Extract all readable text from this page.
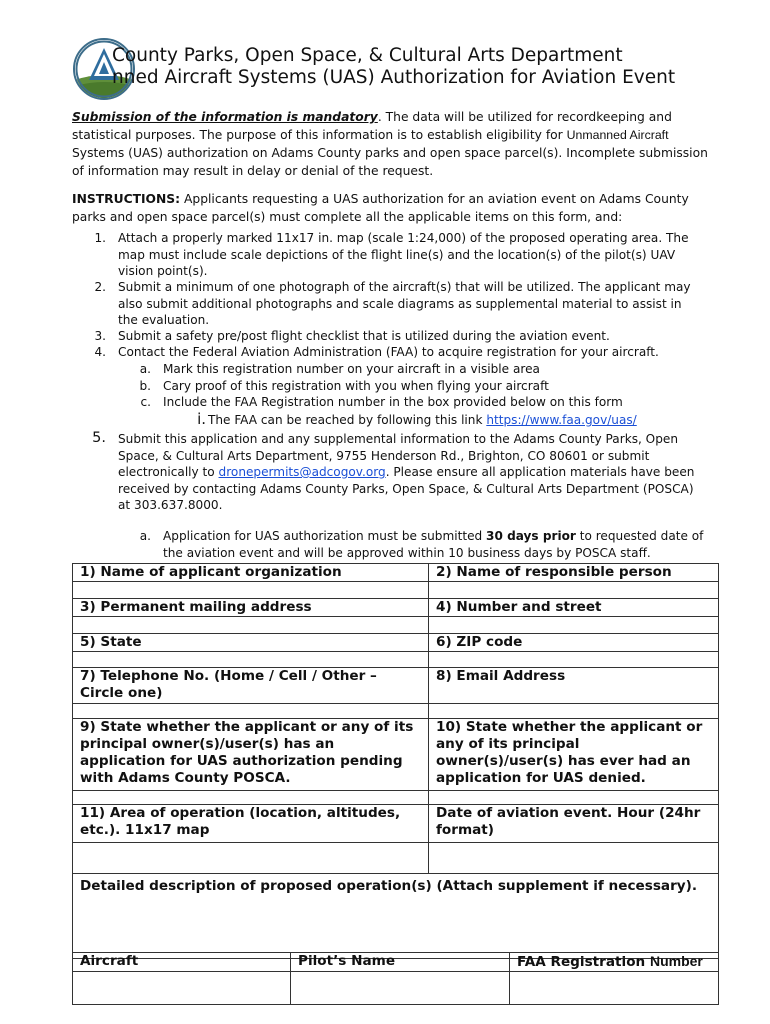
County Parks, Open Space, & Cultural Arts Department
nned Aircraft Systems (UAS) Authorization for Aviation Event
Submission of the information is mandatory. The data will be utilized for recordkeeping and statistical purposes. The purpose of this information is to establish eligibility for Unmanned Aircraft Systems (UAS) authorization on Adams County parks and open space parcel(s). Incomplete submission of information may result in delay or denial of the request.
INSTRUCTIONS: Applicants requesting a UAS authorization for an aviation event on Adams County parks and open space parcel(s) must complete all the applicable items on this form, and:
1. Attach a properly marked 11x17 in. map (scale 1:24,000) of the proposed operating area. The map must include scale depictions of the flight line(s) and the location(s) of the pilot(s) UAV vision point(s).
2. Submit a minimum of one photograph of the aircraft(s) that will be utilized. The applicant may also submit additional photographs and scale diagrams as supplemental material to assist in the evaluation.
3. Submit a safety pre/post flight checklist that is utilized during the aviation event.
4. Contact the Federal Aviation Administration (FAA) to acquire registration for your aircraft.
a. Mark this registration number on your aircraft in a visible area
b. Cary proof of this registration with you when flying your aircraft
c. Include the FAA Registration number in the box provided below on this form
i. The FAA can be reached by following this link https://www.faa.gov/uas/
5. Submit this application and any supplemental information to the Adams County Parks, Open Space, & Cultural Arts Department, 9755 Henderson Rd., Brighton, CO 80601 or submit electronically to dronepermits@adcogov.org. Please ensure all application materials have been received by contacting Adams County Parks, Open Space, & Cultural Arts Department (POSCA) at 303.637.8000.
a. Application for UAS authorization must be submitted 30 days prior to requested date of the aviation event and will be approved within 10 business days by POSCA staff.
1) Name of applicant organization	2) Name of responsible person

3) Permanent mailing address	4) Number and street

5) State	6) ZIP code

7) Telephone No. (Home / Cell / Other – Circle one)	8) Email Address

9) State whether the applicant or any of its principal owner(s)/user(s) has an application for UAS authorization pending with Adams County POSCA.	10) State whether the applicant or any of its principal owner(s)/user(s) has ever had an application for UAS denied.

11) Area of operation (location, altitudes, etc.). 11x17 map	Date of aviation event. Hour (24hr format)

Detailed description of proposed operation(s) (Attach supplement if necessary).	
Aircraft	Pilot’s Name	FAA Registration Number
